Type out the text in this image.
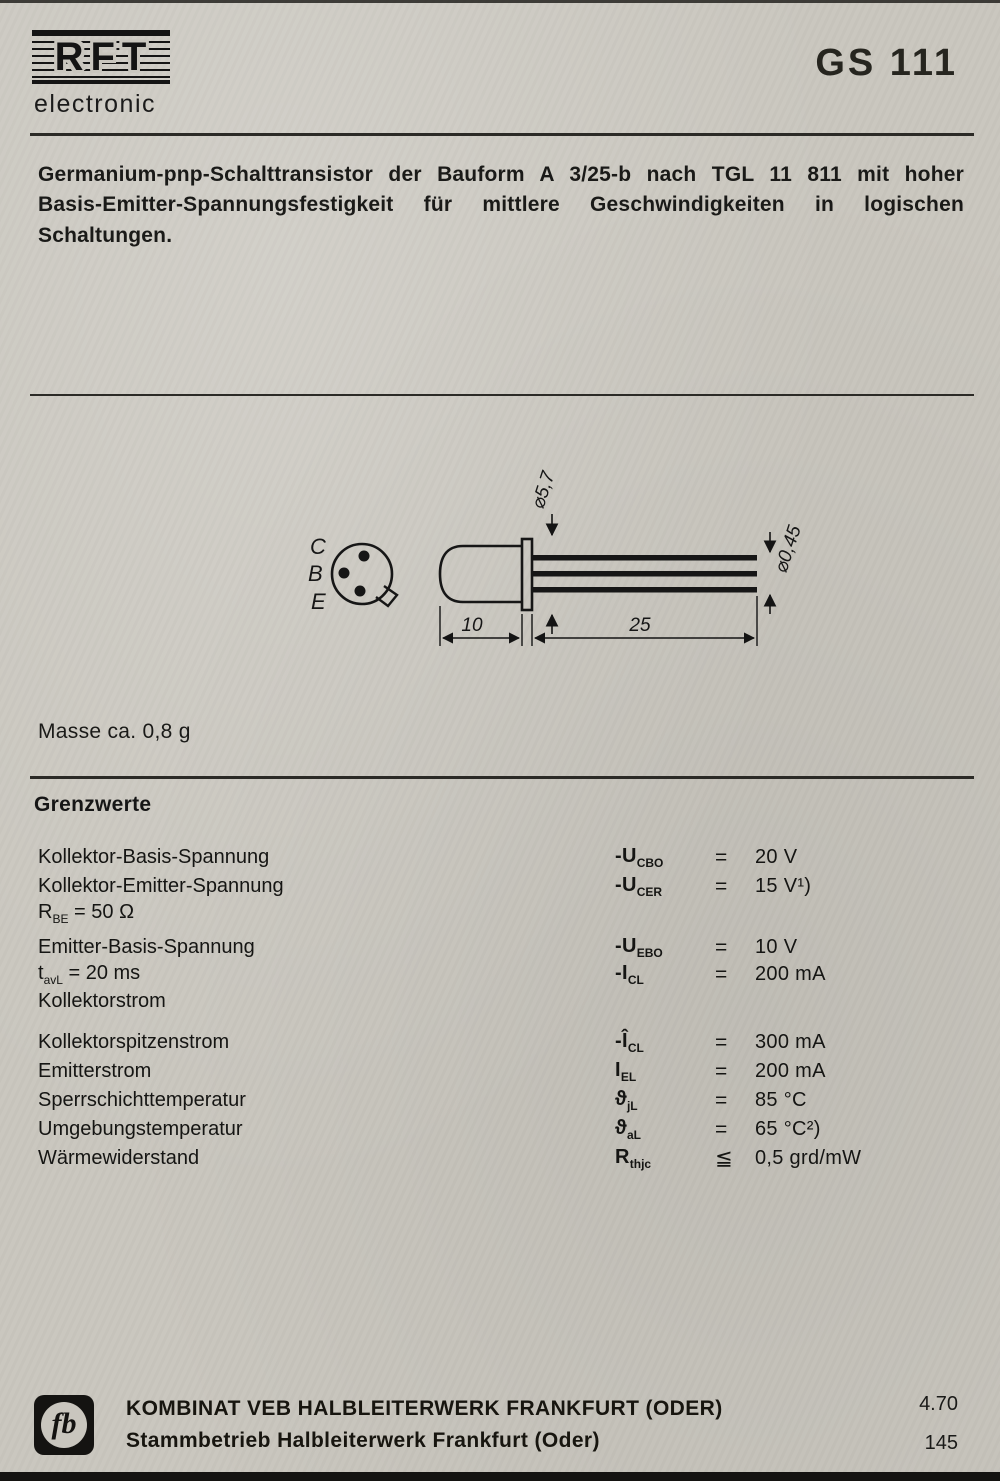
RFT
electronic
GS 111

Germanium-pnp-Schalttransistor der Bauform A 3/25-b nach TGL 11 811 mit hoher Basis-Emitter-Spannungsfestigkeit für mittlere Geschwindigkeiten in logischen Schaltungen.

C
B
E
⌀5,7
⌀0,45
10	25
Masse ca. 0,8 g
Grenzwerte
Kollektor-Basis-Spannung	$-U_{CBO}$	=	20 V
Kollektor-Emitter-Spannung	$-U_{CER}$	=	15 V¹)
$R_{BE} = 50$ Ω
Emitter-Basis-Spannung	$-U_{EBO}$	=	10 V
$t_{avL} = 20$ ms	$-I_{CL}$	=	200 mA
Kollektorstrom
Kollektorspitzenstrom	$-Î_{CL}$	=	300 mA
Emitterstrom	$I_{EL}$	=	200 mA
Sperrschichttemperatur	$ϑ_{jL}$	=	85 °C
Umgebungstemperatur	$ϑ_{aL}$	=	65 °C²)
Wärmewiderstand	$R_{thjc}$	≦	0,5 grd/mW
fb KOMBINAT VEB HALBLEITERWERK FRANKFURT (ODER)
Stammbetrieb Halbleiterwerk Frankfurt (Oder)
4.70
145
